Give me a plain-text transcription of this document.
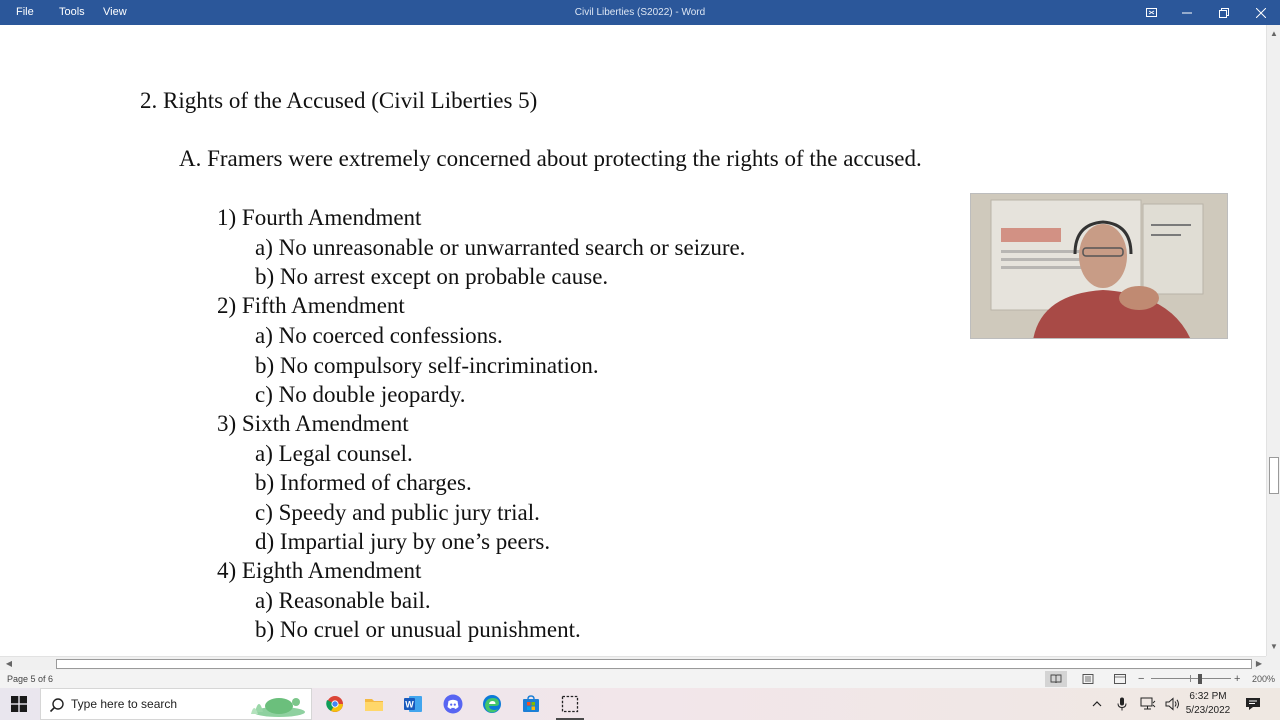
File Tools View	Civil Liberties (S2022) - Word
2. Rights of the Accused (Civil Liberties 5)
A. Framers were extremely concerned about protecting the rights of the accused.
1) Fourth Amendment
a) No unreasonable or unwarranted search or seizure.
b) No arrest except on probable cause.
2) Fifth Amendment
a) No coerced confessions.
b) No compulsory self-incrimination.
c) No double jeopardy.
3) Sixth Amendment
a) Legal counsel.
b) Informed of charges.
c) Speedy and public jury trial.
d) Impartial jury by one’s peers.
4) Eighth Amendment
a) Reasonable bail.
b) No cruel or unusual punishment.
▲
▼
◀	▶
Page 5 of 6	−	+ 200%
Type here to search	W
6:32 PM
5/23/2022
